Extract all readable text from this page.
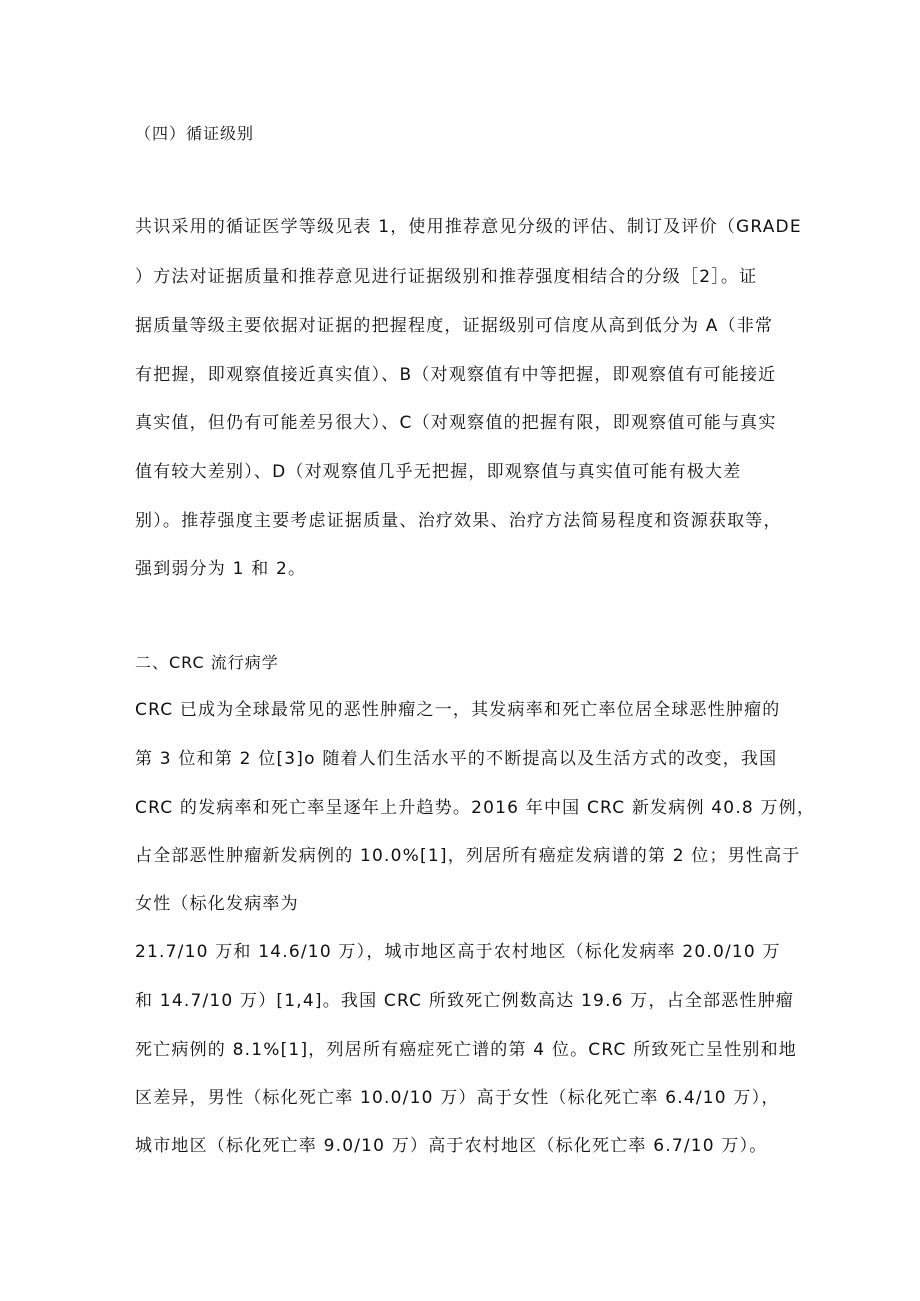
（四）循证级别
共识采用的循证医学等级见表 1，使用推荐意见分级的评估、制订及评价（GRADE
）方法对证据质量和推荐意见进行证据级别和推荐强度相结合的分级［2］。证
据质量等级主要依据对证据的把握程度，证据级别可信度从高到低分为 A（非常
有把握，即观察值接近真实值）、B（对观察值有中等把握，即观察值有可能接近
真实值，但仍有可能差另很大）、C（对观察值的把握有限，即观察值可能与真实
值有较大差别）、D（对观察值几乎无把握，即观察值与真实值可能有极大差
别）。推荐强度主要考虑证据质量、治疗效果、治疗方法简易程度和资源获取等，
强到弱分为 1 和 2。
二、CRC 流行病学
CRC 已成为全球最常见的恶性肿瘤之一，其发病率和死亡率位居全球恶性肿瘤的
第 3 位和第 2 位[3]o 随着人们生活水平的不断提高以及生活方式的改变，我国
CRC 的发病率和死亡率呈逐年上升趋势。2016 年中国 CRC 新发病例 40.8 万例，
占全部恶性肿瘤新发病例的 10.0%[1]，列居所有癌症发病谱的第 2 位；男性高于
女性（标化发病率为
21.7/10 万和 14.6/10 万），城市地区高于农村地区（标化发病率 20.0/10 万
和 14.7/10 万）[1,4]。我国 CRC 所致死亡例数高达 19.6 万，占全部恶性肿瘤
死亡病例的 8.1%[1]，列居所有癌症死亡谱的第 4 位。CRC 所致死亡呈性别和地
区差异，男性（标化死亡率 10.0/10 万）高于女性（标化死亡率 6.4/10 万），
城市地区（标化死亡率 9.0/10 万）高于农村地区（标化死亡率 6.7/10 万）。
